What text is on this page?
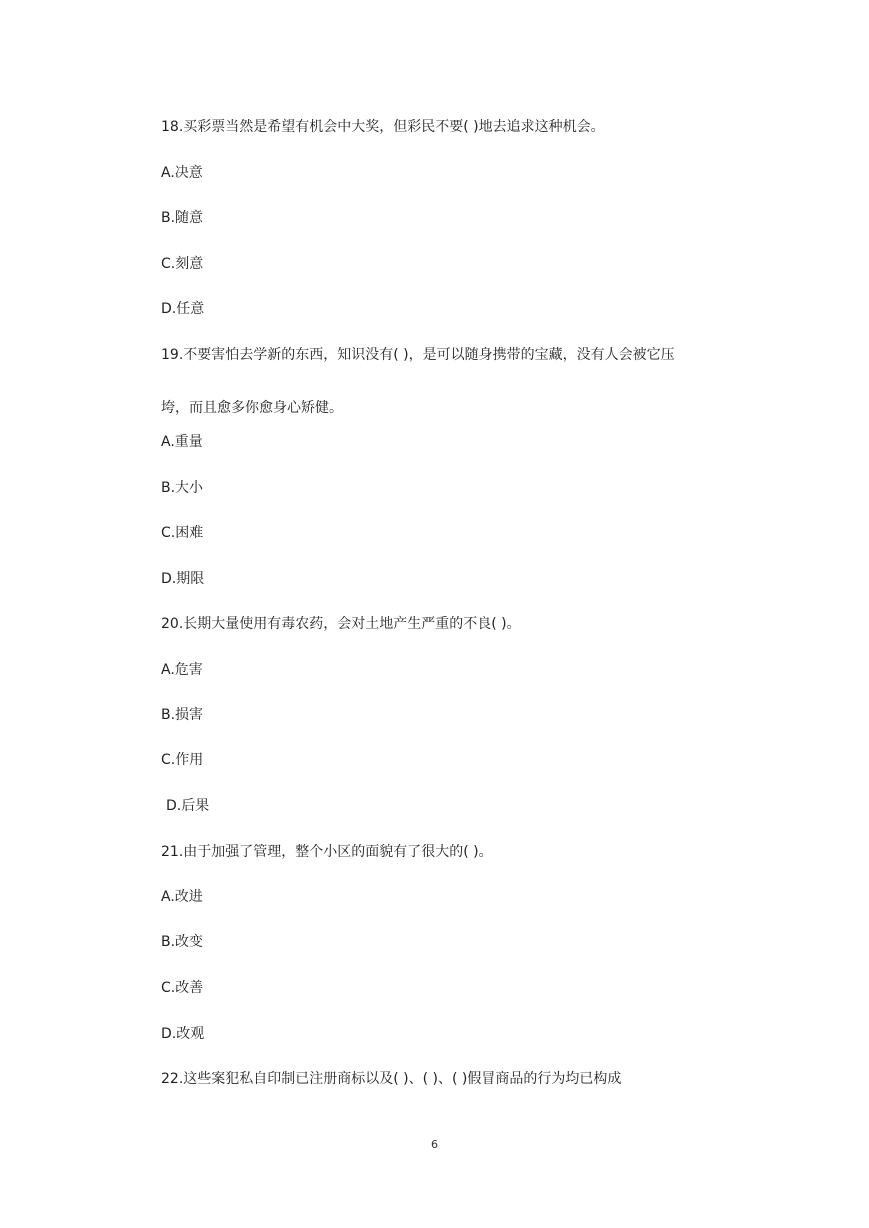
18.买彩票当然是希望有机会中大奖，但彩民不要( )地去追求这种机会。
A.决意
B.随意
C.刻意
D.任意
19.不要害怕去学新的东西，知识没有( )，是可以随身携带的宝藏，没有人会被它压
垮，而且愈多你愈身心矫健。
A.重量
B.大小
C.困难
D.期限
20.长期大量使用有毒农药，会对土地产生严重的不良( )。
A.危害
B.损害
C.作用
D.后果
21.由于加强了管理，整个小区的面貌有了很大的( )。
A.改进
B.改变
C.改善
D.改观
22.这些案犯私自印制已注册商标以及( )、( )、( )假冒商品的行为均已构成
6
